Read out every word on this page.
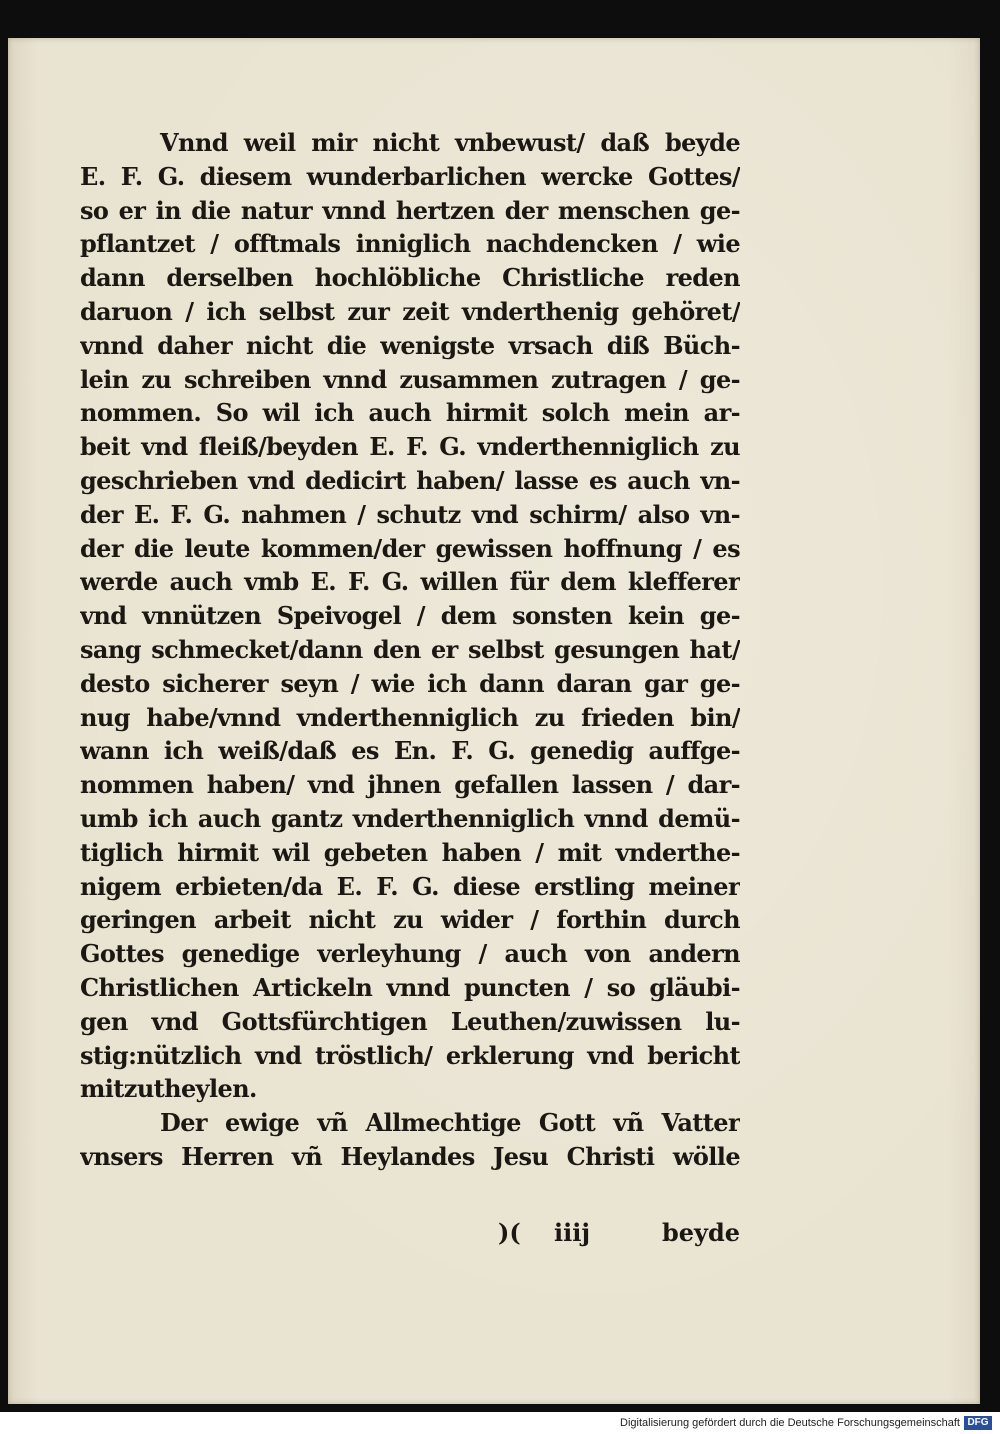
Vnnd weil mir nicht vnbewust/ daß beyde
E. F. G. diesem wunderbarlichen wercke Gottes/
so er in die natur vnnd hertzen der menschen ge-
pflantzet / offtmals inniglich nachdencken / wie
dann derselben hochlöbliche Christliche reden
daruon / ich selbst zur zeit vnderthenig gehöret/
vnnd daher nicht die wenigste vrsach diß Büch-
lein zu schreiben vnnd zusammen zutragen / ge-
nommen. So wil ich auch hirmit solch mein ar-
beit vnd fleiß/beyden E. F. G. vnderthenniglich zu
geschrieben vnd dedicirt haben/ lasse es auch vn-
der E. F. G. nahmen / schutz vnd schirm/ also vn-
der die leute kommen/der gewissen hoffnung / es
werde auch vmb E. F. G. willen für dem klefferer
vnd vnnützen Speivogel / dem sonsten kein ge-
sang schmecket/dann den er selbst gesungen hat/
desto sicherer seyn / wie ich dann daran gar ge-
nug habe/vnnd vnderthenniglich zu frieden bin/
wann ich weiß/daß es En. F. G. genedig auffge-
nommen haben/ vnd jhnen gefallen lassen / dar-
umb ich auch gantz vnderthenniglich vnnd demü-
tiglich hirmit wil gebeten haben / mit vnderthe-
nigem erbieten/da E. F. G. diese erstling meiner
geringen arbeit nicht zu wider / forthin durch
Gottes genedige verleyhung / auch von andern
Christlichen Artickeln vnnd puncten / so gläubi-
gen vnd Gottsfürchtigen Leuthen/zuwissen lu-
stig:nützlich vnd tröstlich/ erklerung vnd bericht
mitzutheylen.
Der ewige vñ Allmechtige Gott vñ Vatter
vnsers Herren vñ Heylandes Jesu Christi wölle
)( iiij	beyde
Digitalisierung gefördert durch die Deutsche Forschungsgemeinschaft DFG
